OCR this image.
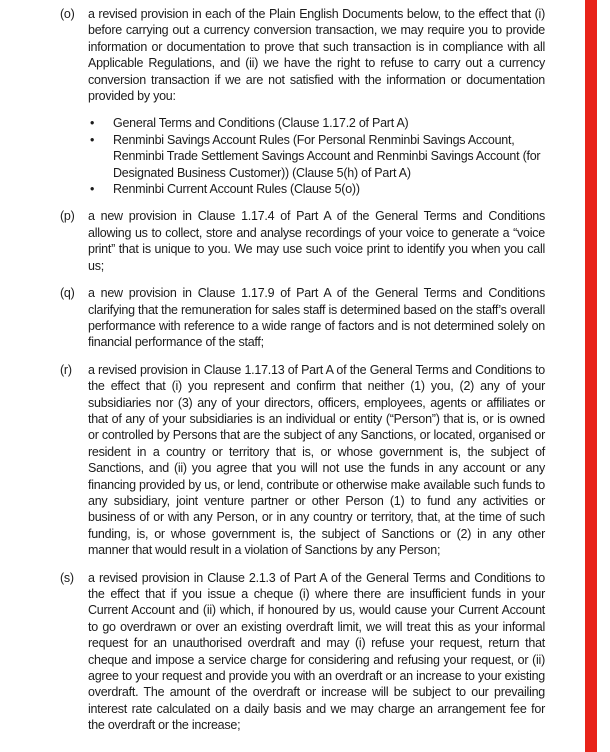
(o)	a revised provision in each of the Plain English Documents below, to the effect that (i) before carrying out a currency conversion transaction, we may require you to provide information or documentation to prove that such transaction is in compliance with all Applicable Regulations, and (ii) we have the right to refuse to carry out a currency conversion transaction if we are not satisfied with the information or documentation provided by you:

•	General Terms and Conditions (Clause 1.17.2 of Part A)
•	Renminbi Savings Account Rules (For Personal Renminbi Savings Account, Renminbi Trade Settlement Savings Account and Renminbi Savings Account (for Designated Business Customer)) (Clause 5(h) of Part A)
•	Renminbi Current Account Rules (Clause 5(o))
(p)	a new provision in Clause 1.17.4 of Part A of the General Terms and Conditions allowing us to collect, store and analyse recordings of your voice to generate a “voice print” that is unique to you. We may use such voice print to identify you when you call us;

(q)	a new provision in Clause 1.17.9 of Part A of the General Terms and Conditions clarifying that the remuneration for sales staff is determined based on the staff’s overall performance with reference to a wide range of factors and is not determined solely on financial performance of the staff;

(r)	a revised provision in Clause 1.17.13 of Part A of the General Terms and Conditions to the effect that (i) you represent and confirm that neither (1) you, (2) any of your subsidiaries nor (3) any of your directors, officers, employees, agents or affiliates or that of any of your subsidiaries is an individual or entity (“Person”) that is, or is owned or controlled by Persons that are the subject of any Sanctions, or located, organised or resident in a country or territory that is, or whose government is, the subject of Sanctions, and (ii) you agree that you will not use the funds in any account or any financing provided by us, or lend, contribute or otherwise make available such funds to any subsidiary, joint venture partner or other Person (1) to fund any activities or business of or with any Person, or in any country or territory, that, at the time of such funding, is, or whose government is, the subject of Sanctions or (2) in any other manner that would result in a violation of Sanctions by any Person;

(s)	a revised provision in Clause 2.1.3 of Part A of the General Terms and Conditions to the effect that if you issue a cheque (i) where there are insufficient funds in your Current Account and (ii) which, if honoured by us, would cause your Current Account to go overdrawn or over an existing overdraft limit, we will treat this as your informal request for an unauthorised overdraft and may (i) refuse your request, return that cheque and impose a service charge for considering and refusing your request, or (ii) agree to your request and provide you with an overdraft or an increase to your existing overdraft. The amount of the overdraft or increase will be subject to our prevailing interest rate calculated on a daily basis and we may charge an arrangement fee for the overdraft or the increase;
